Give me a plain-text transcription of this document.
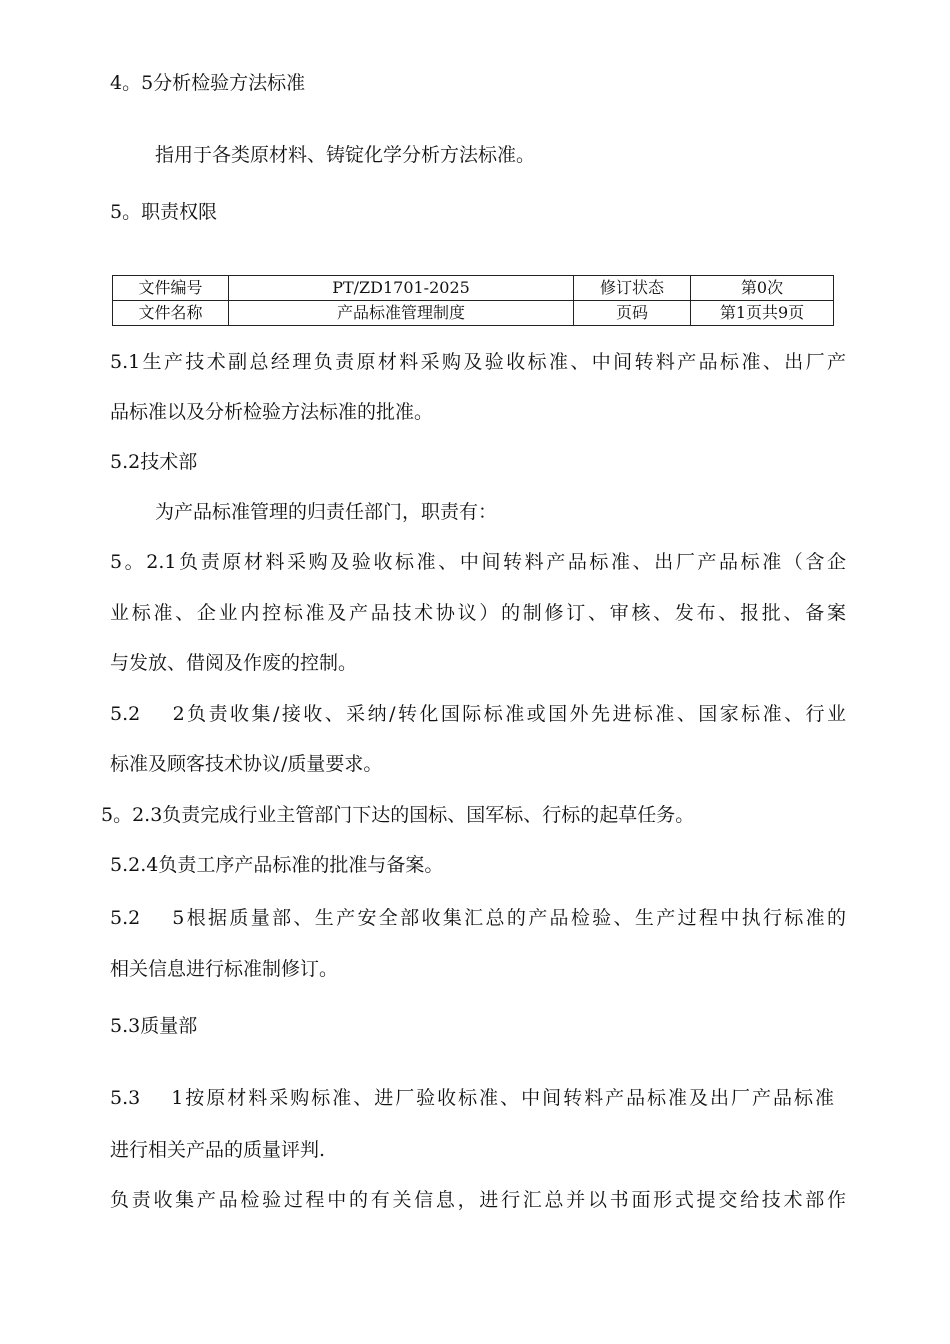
4。5分析检验方法标准
指用于各类原材料、铸锭化学分析方法标准。
5。职责权限
文件编号	PT/ZD1701-2025	修订状态	第0次
文件名称	产品标准管理制度	页码	第1页共9页
5.1生产技术副总经理负责原材料采购及验收标准、中间转料产品标准、出厂产
品标准以及分析检验方法标准的批准。
5.2技术部
为产品标准管理的归责任部门，职责有：
5。2.1负责原材料采购及验收标准、中间转料产品标准、出厂产品标准（含企
业标准、企业内控标准及产品技术协议）的制修订、审核、发布、报批、备案
与发放、借阅及作废的控制。
5.2　 2负责收集/接收、采纳/转化国际标准或国外先进标准、国家标准、行业
标准及顾客技术协议/质量要求。
5。2.3负责完成行业主管部门下达的国标、国军标、行标的起草任务。
5.2.4负责工序产品标准的批准与备案。
5.2　 5根据质量部、生产安全部收集汇总的产品检验、生产过程中执行标准的
相关信息进行标准制修订。
5.3质量部
5.3　 1按原材料采购标准、进厂验收标准、中间转料产品标准及出厂产品标准
进行相关产品的质量评判.
负责收集产品检验过程中的有关信息，进行汇总并以书面形式提交给技术部作
